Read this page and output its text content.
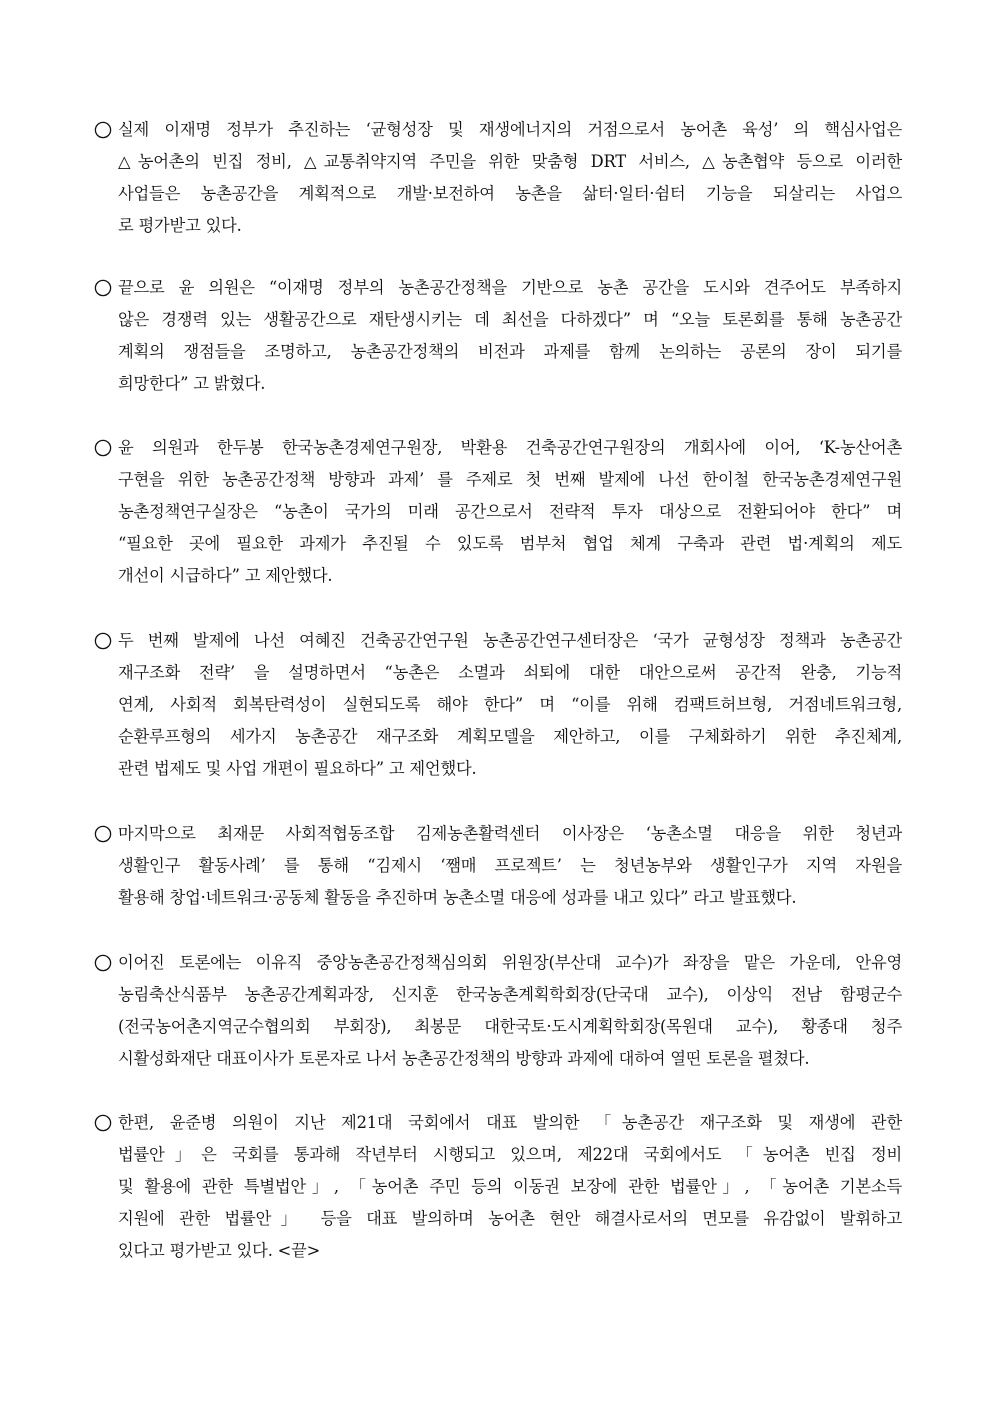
실제 이재명 정부가 추진하는 ‘균형성장 및 재생에너지의 거점으로서 농어촌 육성’ 의 핵심사업은
△농어촌의 빈집 정비, △교통취약지역 주민을 위한 맞춤형 DRT 서비스, △농촌협약 등으로 이러한
사업들은 농촌공간을 계획적으로 개발·보전하여 농촌을 삶터·일터·쉼터 기능을 되살리는 사업으
로 평가받고 있다.
끝으로 윤 의원은 “이재명 정부의 농촌공간정책을 기반으로 농촌 공간을 도시와 견주어도 부족하지
않은 경쟁력 있는 생활공간으로 재탄생시키는 데 최선을 다하겠다” 며 “오늘 토론회를 통해 농촌공간
계획의 쟁점들을 조명하고, 농촌공간정책의 비전과 과제를 함께 논의하는 공론의 장이 되기를
희망한다” 고 밝혔다.
윤 의원과 한두봉 한국농촌경제연구원장, 박환용 건축공간연구원장의 개회사에 이어, ‘K-농산어촌
구현을 위한 농촌공간정책 방향과 과제’ 를 주제로 첫 번째 발제에 나선 한이철 한국농촌경제연구원
농촌정책연구실장은 “농촌이 국가의 미래 공간으로서 전략적 투자 대상으로 전환되어야 한다” 며
“필요한 곳에 필요한 과제가 추진될 수 있도록 범부처 협업 체계 구축과 관련 법·계획의 제도
개선이 시급하다” 고 제안했다.
두 번째 발제에 나선 여혜진 건축공간연구원 농촌공간연구센터장은 ‘국가 균형성장 정책과 농촌공간
재구조화 전략’ 을 설명하면서 “농촌은 소멸과 쇠퇴에 대한 대안으로써 공간적 완충, 기능적
연계, 사회적 회복탄력성이 실현되도록 해야 한다” 며 “이를 위해 컴팩트허브형, 거점네트워크형,
순환루프형의 세가지 농촌공간 재구조화 계획모델을 제안하고, 이를 구체화하기 위한 추진체계,
관련 법제도 및 사업 개편이 필요하다” 고 제언했다.
마지막으로 최재문 사회적협동조합 김제농촌활력센터 이사장은 ‘농촌소멸 대응을 위한 청년과
생활인구 활동사례’ 를 통해 “김제시 ‘쨈매 프로젝트’ 는 청년농부와 생활인구가 지역 자원을
활용해 창업·네트워크·공동체 활동을 추진하며 농촌소멸 대응에 성과를 내고 있다” 라고 발표했다.
이어진 토론에는 이유직 중앙농촌공간정책심의회 위원장(부산대 교수)가 좌장을 맡은 가운데, 안유영
농림축산식품부 농촌공간계획과장, 신지훈 한국농촌계획학회장(단국대 교수), 이상익 전남 함평군수
(전국농어촌지역군수협의회 부회장), 최봉문 대한국토·도시계획학회장(목원대 교수), 황종대 청주
시활성화재단 대표이사가 토론자로 나서 농촌공간정책의 방향과 과제에 대하여 열띤 토론을 펼쳤다.
한편, 윤준병 의원이 지난 제21대 국회에서 대표 발의한 「농촌공간 재구조화 및 재생에 관한
법률안」은 국회를 통과해 작년부터 시행되고 있으며, 제22대 국회에서도 「농어촌 빈집 정비
및 활용에 관한 특별법안」, 「농어촌 주민 등의 이동권 보장에 관한 법률안」, 「농어촌 기본소득
지원에 관한 법률안」 등을 대표 발의하며 농어촌 현안 해결사로서의 면모를 유감없이 발휘하고
있다고 평가받고 있다. <끝>
